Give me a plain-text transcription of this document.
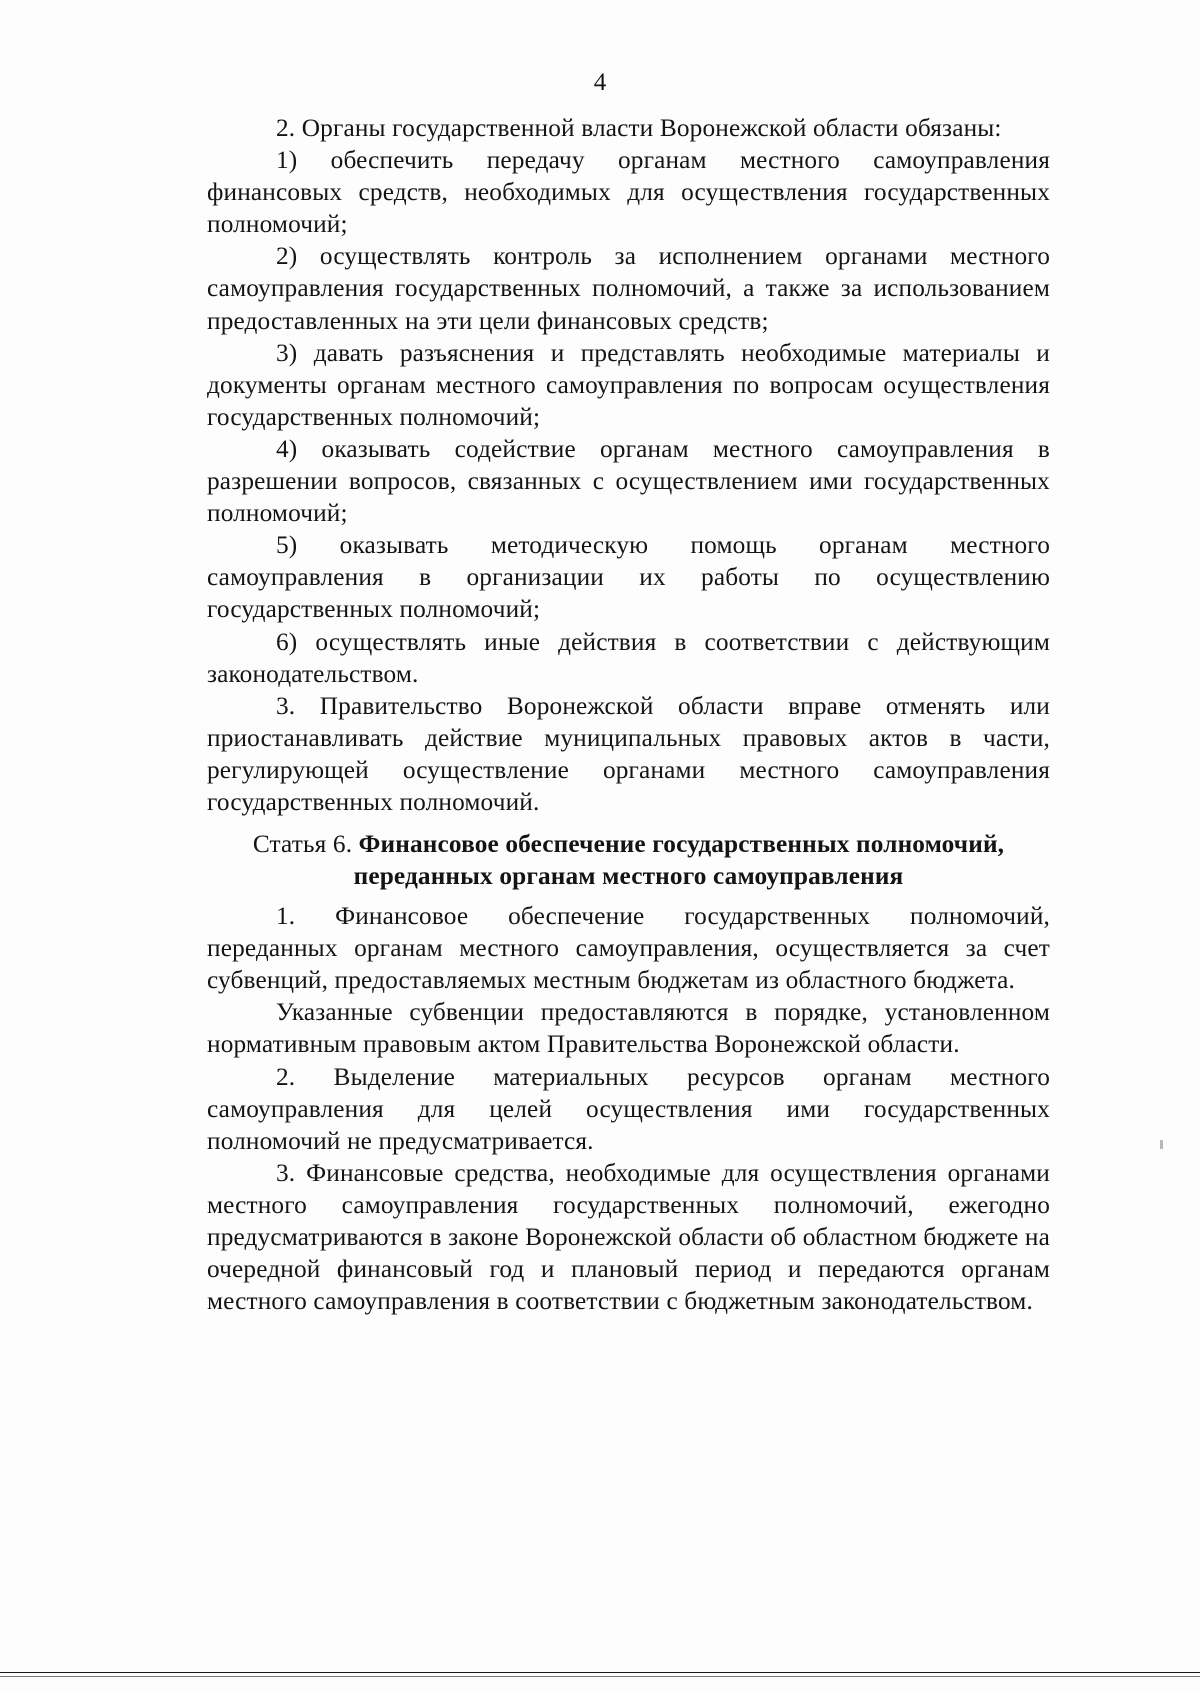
4

2. Органы государственной власти Воронежской области обязаны:

1) обеспечить передачу органам местного самоуправления финансовых средств, необходимых для осуществления государственных полномочий;

2) осуществлять контроль за исполнением органами местного самоуправления государственных полномочий, а также за использованием предоставленных на эти цели финансовых средств;

3) давать разъяснения и представлять необходимые материалы и документы органам местного самоуправления по вопросам осуществления государственных полномочий;

4) оказывать содействие органам местного самоуправления в разрешении вопросов, связанных с осуществлением ими государственных полномочий;

5) оказывать методическую помощь органам местного самоуправления в организации их работы по осуществлению государственных полномочий;

6) осуществлять иные действия в соответствии с действующим законодательством.

3. Правительство Воронежской области вправе отменять или приостанавливать действие муниципальных правовых актов в части, регулирующей осуществление органами местного самоуправления государственных полномочий.

Статья 6. Финансовое обеспечение государственных полномочий,
переданных органам местного самоуправления

1. Финансовое обеспечение государственных полномочий, переданных органам местного самоуправления, осуществляется за счет субвенций, предоставляемых местным бюджетам из областного бюджета.

Указанные субвенции предоставляются в порядке, установленном нормативным правовым актом Правительства Воронежской области.

2. Выделение материальных ресурсов органам местного самоуправления для целей осуществления ими государственных полномочий не предусматривается.

3. Финансовые средства, необходимые для осуществления органами местного самоуправления государственных полномочий, ежегодно предусматриваются в законе Воронежской области об областном бюджете на очередной финансовый год и плановый период и передаются органам местного самоуправления в соответствии с бюджетным законодательством.
